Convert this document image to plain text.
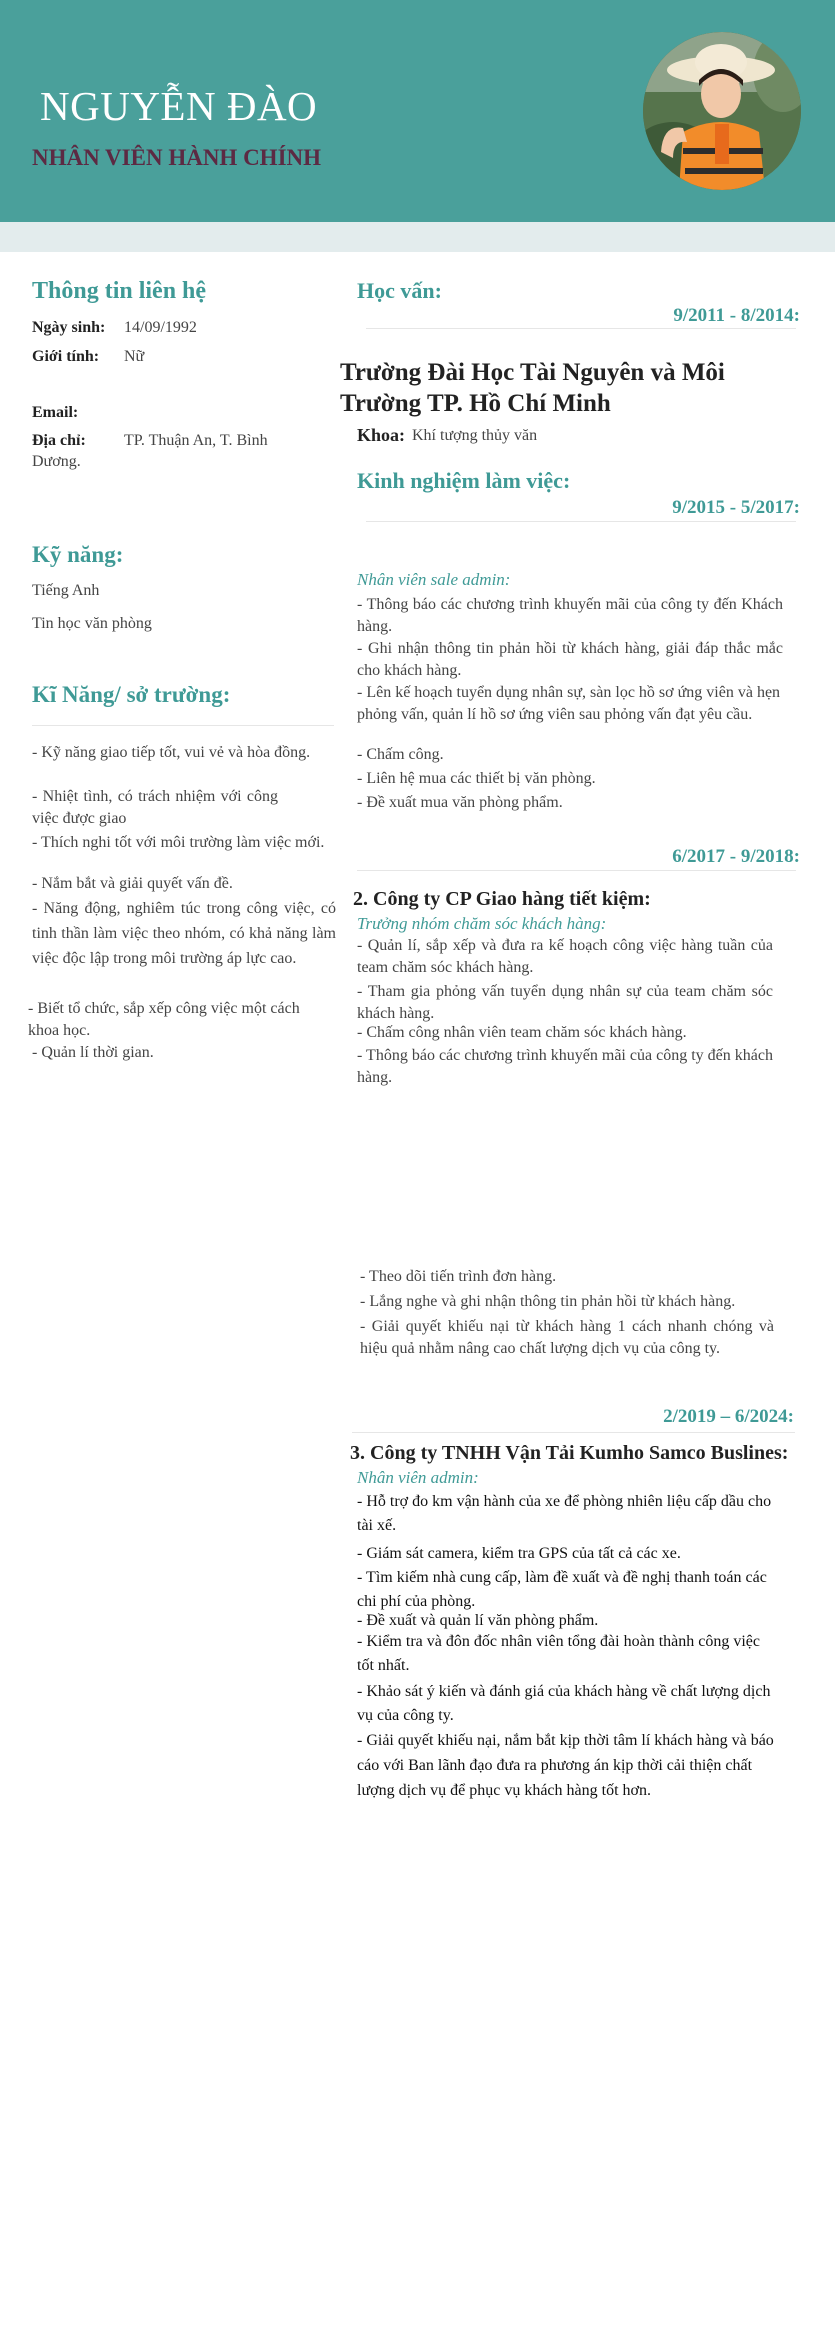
NGUYỄN ĐÀO
NHÂN VIÊN HÀNH CHÍNH
Thông tin liên hệ
Ngày sinh: 14/09/1992
Giới tính: Nữ
Email:
Địa chỉ: TP. Thuận An, T. Bình
Dương.
Kỹ năng:
Tiếng Anh
Tin học văn phòng
Kĩ Năng/ sở trường:
- Kỹ năng giao tiếp tốt, vui vẻ và hòa đồng.
- Nhiệt tình, có trách nhiệm với công việc được giao
- Thích nghi tốt với môi trường làm việc mới.
- Nắm bắt và giải quyết vấn đề.
- Năng động, nghiêm túc trong công việc, có tinh thần làm việc theo nhóm, có khả năng làm việc độc lập trong môi trường áp lực cao.
- Biết tổ chức, sắp xếp công việc một cách khoa học.
- Quản lí thời gian.
Học vấn:
9/2011 - 8/2014:
Trường Đài Học Tài Nguyên và Môi Trường TP. Hồ Chí Minh
Khoa: Khí tượng thủy văn
Kinh nghiệm làm việc:
9/2015 - 5/2017:
Nhân viên sale admin:
- Thông báo các chương trình khuyến mãi của công ty đến Khách hàng.
- Ghi nhận thông tin phản hồi từ khách hàng, giải đáp thắc mắc cho khách hàng.
- Lên kế hoạch tuyển dụng nhân sự, sàn lọc hồ sơ ứng viên và hẹn phỏng vấn, quản lí hồ sơ ứng viên sau phỏng vấn đạt yêu cầu.
- Chấm công.
- Liên hệ mua các thiết bị văn phòng.
- Đề xuất mua văn phòng phẩm.
6/2017 - 9/2018:
2. Công ty CP Giao hàng tiết kiệm:
Trưởng nhóm chăm sóc khách hàng:
- Quản lí, sắp xếp và đưa ra kế hoạch công việc hàng tuần của team chăm sóc khách hàng.
- Tham gia phỏng vấn tuyển dụng nhân sự của team chăm sóc khách hàng.
- Chấm công nhân viên team chăm sóc khách hàng.
- Thông báo các chương trình khuyến mãi của công ty đến khách hàng.
- Theo dõi tiến trình đơn hàng.
- Lắng nghe và ghi nhận thông tin phản hồi từ khách hàng.
- Giải quyết khiếu nại từ khách hàng 1 cách nhanh chóng và hiệu quả nhằm nâng cao chất lượng dịch vụ của công ty.
2/2019 – 6/2024:
3. Công ty TNHH Vận Tải Kumho Samco Buslines:
Nhân viên admin:
- Hỗ trợ đo km vận hành của xe để phòng nhiên liệu cấp dầu cho tài xế.
- Giám sát camera, kiểm tra GPS của tất cả các xe.
- Tìm kiếm nhà cung cấp, làm đề xuất và đề nghị thanh toán các chi phí của phòng.
- Đề xuất và quản lí văn phòng phẩm.
- Kiểm tra và đôn đốc nhân viên tổng đài hoàn thành công việc tốt nhất.
- Khảo sát ý kiến và đánh giá của khách hàng về chất lượng dịch vụ của công ty.
- Giải quyết khiếu nại, nắm bắt kịp thời tâm lí khách hàng và báo cáo với Ban lãnh đạo đưa ra phương án kịp thời cải thiện chất lượng dịch vụ để phục vụ khách hàng tốt hơn.
